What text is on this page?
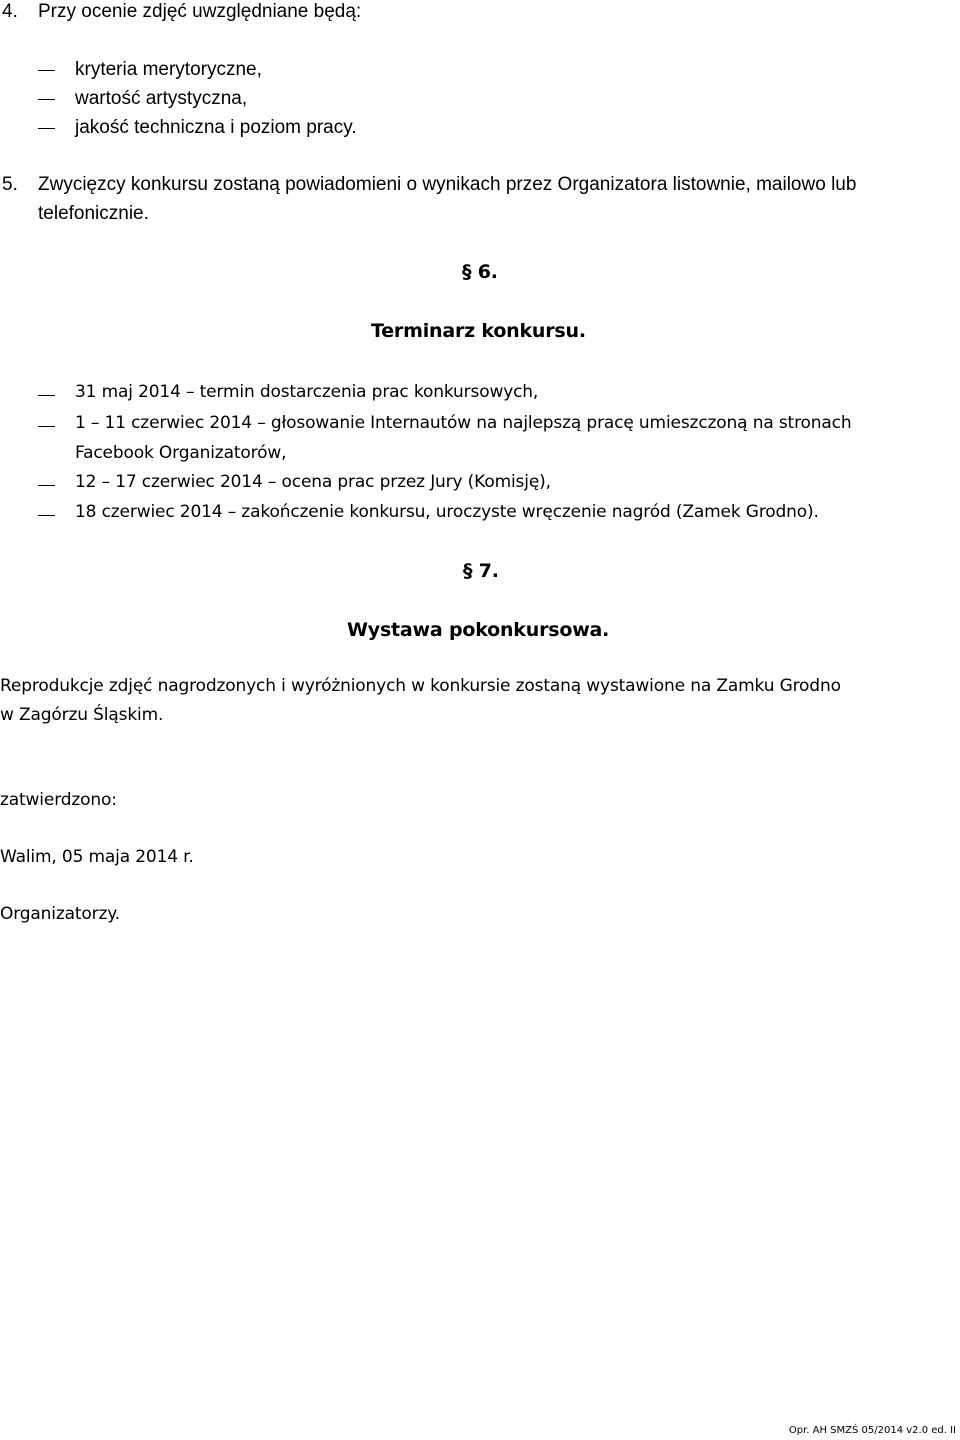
4. Przy ocenie zdjęć uwzględniane będą:
kryteria merytoryczne,
wartość artystyczna,
jakość techniczna i poziom pracy.
5. Zwycięzcy konkursu zostaną powiadomieni o wynikach przez Organizatora listownie, mailowo lub
telefonicznie.
§ 6.
Terminarz konkursu.
31 maj 2014 – termin dostarczenia prac konkursowych,
1 – 11 czerwiec 2014 – głosowanie Internautów na najlepszą pracę umieszczoną na stronach
Facebook Organizatorów,
12 – 17 czerwiec 2014 – ocena prac przez Jury (Komisję),
18 czerwiec 2014 – zakończenie konkursu, uroczyste wręczenie nagród (Zamek Grodno).
§ 7.
Wystawa pokonkursowa.
Reprodukcje zdjęć nagrodzonych i wyróżnionych w konkursie zostaną wystawione na Zamku Grodno
w Zagórzu Śląskim.
zatwierdzono:
Walim, 05 maja 2014 r.
Organizatorzy.
Opr. AH SMZŚ 05/2014 v2.0 ed. II
